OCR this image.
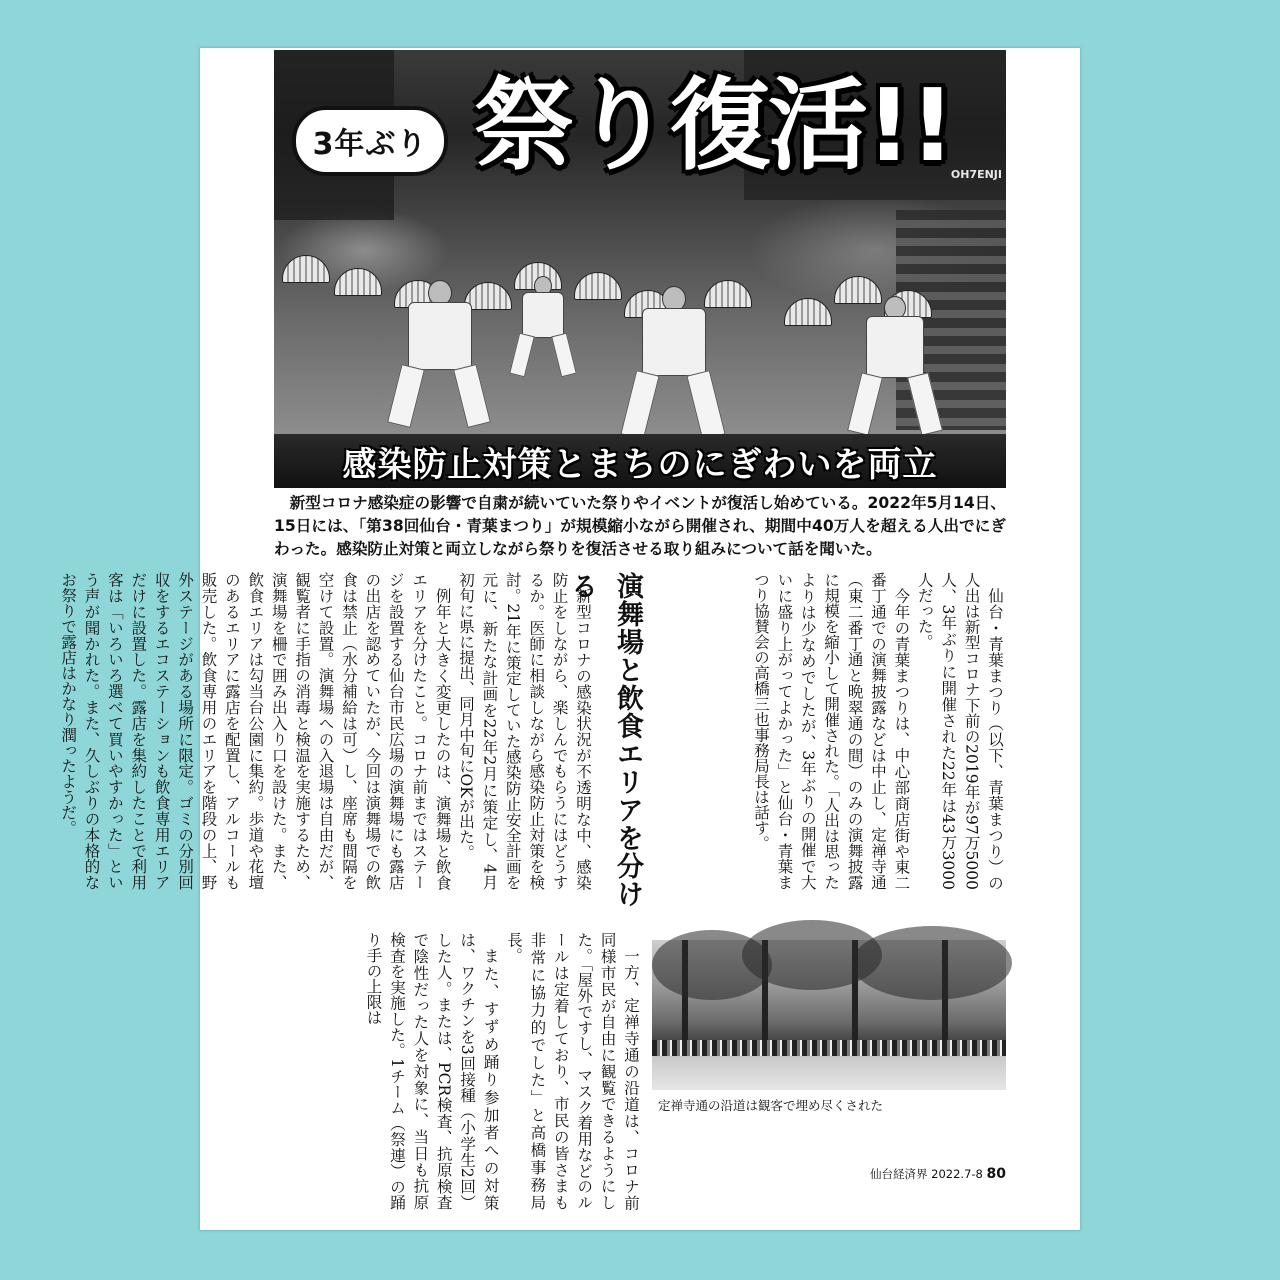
3年ぶり 祭り復活!!
OH7ENJI
感染防止対策とまちのにぎわいを両立
新型コロナ感染症の影響で自粛が続いていた祭りやイベントが復活し始めている。2022年5月14日、15日には、「第38回仙台・青葉まつり」が規模縮小ながら開催され、期間中40万人を超える人出でにぎわった。感染防止対策と両立しながら祭りを復活させる取り組みについて話を聞いた。

仙台・青葉まつり（以下、青葉まつり）の人出は新型コロナ下前の2019年が97万5000人、3年ぶりに開催された22年は43万3000人だった。

今年の青葉まつりは、中心部商店街や東二番丁通での演舞披露などは中止し、定禅寺通（東二番丁通と晩翠通の間）のみの演舞披露に規模を縮小して開催された。「人出は思ったよりは少なめでしたが、3年ぶりの開催で大いに盛り上がってよかった」と仙台・青葉まつり協賛会の高橋三也事務局長は話す。

演舞場と飲食エリアを分ける

新型コロナの感染状況が不透明な中、感染防止をしながら、楽しんでもらうにはどうするか。医師に相談しながら感染防止対策を検討。21年に策定していた感染防止安全計画を元に、新たな計画を22年2月に策定し、4月初旬に県に提出、同月中旬にOKが出た。

例年と大きく変更したのは、演舞場と飲食エリアを分けたこと。コロナ前まではステージを設置する仙台市民広場の演舞場にも露店の出店を認めていたが、今回は演舞場での飲食は禁止（水分補給は可）し、座席も間隔を空けて設置。演舞場への入退場は自由だが、観覧者に手指の消毒と検温を実施するため、演舞場を柵で囲み出入り口を設けた。また、飲食エリアは勾当台公園に集約。歩道や花壇のあるエリアに露店を配置し、アルコールも販売した。飲食専用のエリアを階段の上、野外ステージがある場所に限定。ゴミの分別回収をするエコステーションも飲食専用エリアだけに設置した。露店を集約したことで利用客は「いろいろ選べて買いやすかった」という声が聞かれた。また、久しぶりの本格的なお祭りで露店はかなり潤ったようだ。

一方、定禅寺通の沿道は、コロナ前同様市民が自由に観覧できるようにした。「屋外ですし、マスク着用などのルールは定着しており、市民の皆さまも非常に協力的でした」と高橋事務局長。

また、すずめ踊り参加者への対策は、ワクチンを3回接種（小学生2回）した人。または、PCR検査、抗原検査で陰性だった人を対象に、当日も抗原検査を実施した。1チーム（祭連）の踊り手の上限は

定禅寺通の沿道は観客で埋め尽くされた
仙台経済界 2022.7-8 80
